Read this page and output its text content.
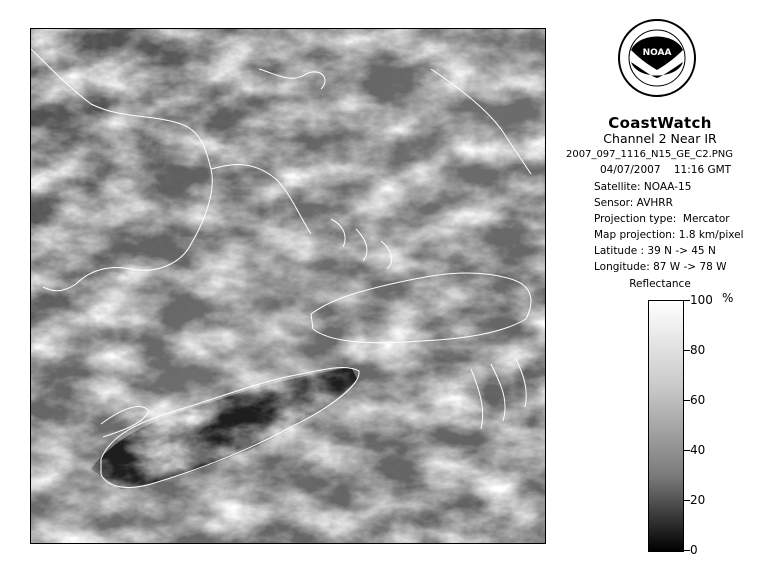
NOAA
CoastWatch
Channel 2 Near IR
2007_097_1116_N15_GE_C2.PNG
04/07/2007    11:16 GMT
Satellite: NOAA-15
Sensor: AVHRR
Projection type:  Mercator
Map projection: 1.8 km/pixel
Latitude : 39 N -> 45 N
Longitude: 87 W -> 78 W
Reflectance
%
100
80
60
40
20
0
